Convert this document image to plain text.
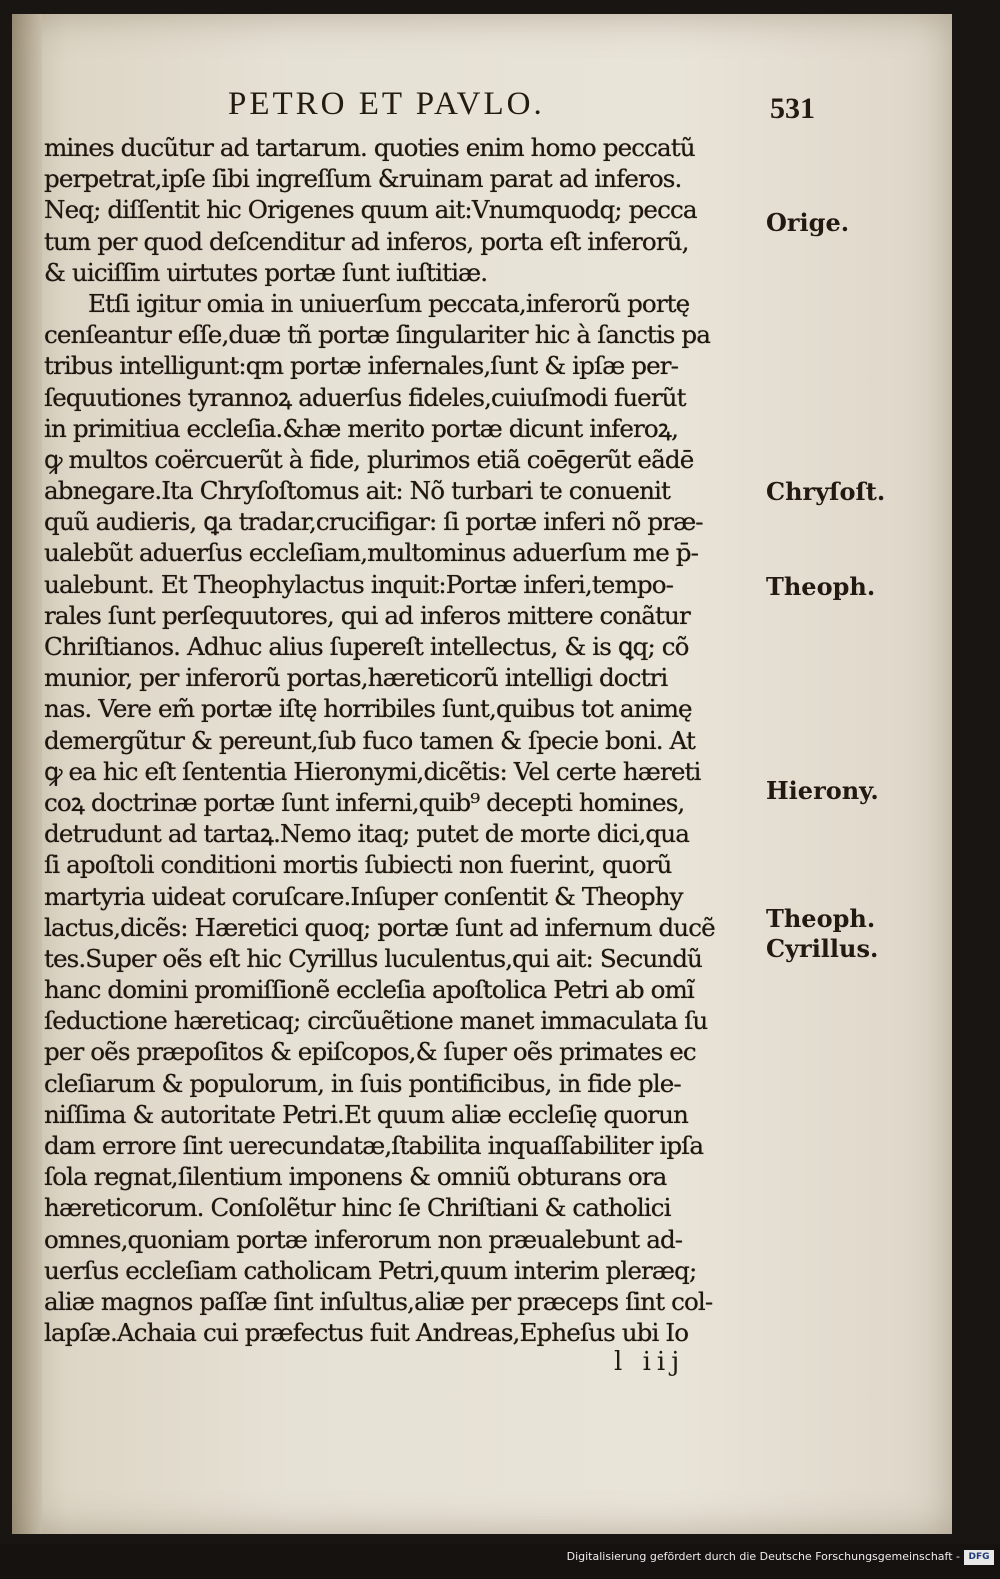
PETRO ET PAVLO.	531
mines ducũtur ad tartarum. quoties enim homo peccatũ
perpetrat,ipſe ſibi ingreſſum &ruinam parat ad inferos.
Neq; diſſentit hic Origenes quum ait:Vnumquodq; pecca
tum per quod deſcenditur ad inferos, porta eſt inferorũ,
& uiciſſim uirtutes portæ ſunt iuſtitiæ.
Etſi igitur omia in uniuerſum peccata,inferorũ portę
cenſeantur eſſe,duæ tñ portæ ſingulariter hic à ſanctis pa
tribus intelligunt:qm portæ infernales,ſunt & ipſæ per-
ſequutiones tyrannoꝝ aduerſus fideles,cuiuſmodi fuerũt
in primitiua eccleſia.&hæ merito portæ dicunt inferoꝝ,
ꝙ multos coërcuerũt à fide, plurimos etiã coēgerũt eãdē
abnegare.Ita Chryſoſtomus ait: Nõ turbari te conuenit
quũ audieris, ꝗa tradar,crucifigar: ſi portæ inferi nõ præ-
ualebũt aduerſus eccleſiam,multominus aduerſum me p̄-
ualebunt. Et Theophylactus inquit:Portæ inferi,tempo-
rales ſunt perſequutores, qui ad inferos mittere conãtur
Chriſtianos. Adhuc alius ſupereſt intellectus, & is ꝗq; cõ
munior, per inferorũ portas,hæreticorũ intelligi doctri
nas. Vere em̃ portæ iſtę horribiles ſunt,quibus tot animę
demergũtur & pereunt,ſub fuco tamen & ſpecie boni. At
ꝙ ea hic eſt ſententia Hieronymi,dicẽtis: Vel certe hæreti
coꝝ doctrinæ portæ ſunt inferni,quib⁹ decepti homines,
detrudunt ad tartaꝝ.Nemo itaq; putet de morte dici,qua
ſi apoſtoli conditioni mortis ſubiecti non fuerint, quorũ
martyria uideat coruſcare.Inſuper conſentit & Theophy
lactus,dicẽs: Hæretici quoq; portæ ſunt ad infernum ducẽ
tes.Super oẽs eſt hic Cyrillus luculentus,qui ait: Secundũ
hanc domini promiſſionẽ eccleſia apoſtolica Petri ab omĩ
ſeductione hæreticaq; circũuẽtione manet immaculata ſu
per oẽs præpoſitos & epiſcopos,& ſuper oẽs primates ec
cleſiarum & populorum, in ſuis pontificibus, in fide ple-
niſſima & autoritate Petri.Et quum aliæ eccleſię quorun
dam errore ſint uerecundatæ,ſtabilita inquaſſabiliter ipſa
ſola regnat,ſilentium imponens & omniũ obturans ora
hæreticorum. Conſolẽtur hinc ſe Chriſtiani & catholici
omnes,quoniam portæ inferorum non præualebunt ad-
uerſus eccleſiam catholicam Petri,quum interim pleræq;
aliæ magnos paſſæ ſint inſultus,aliæ per præceps ſint col-
lapſæ.Achaia cui præfectus fuit Andreas,Epheſus ubi Io
Orige.
Chryſoſt.
Theoph.
Hierony.
Theoph.
Cyrillus.
l iij
Digitalisierung gefördert durch die Deutsche Forschungsgemeinschaft - DFG
